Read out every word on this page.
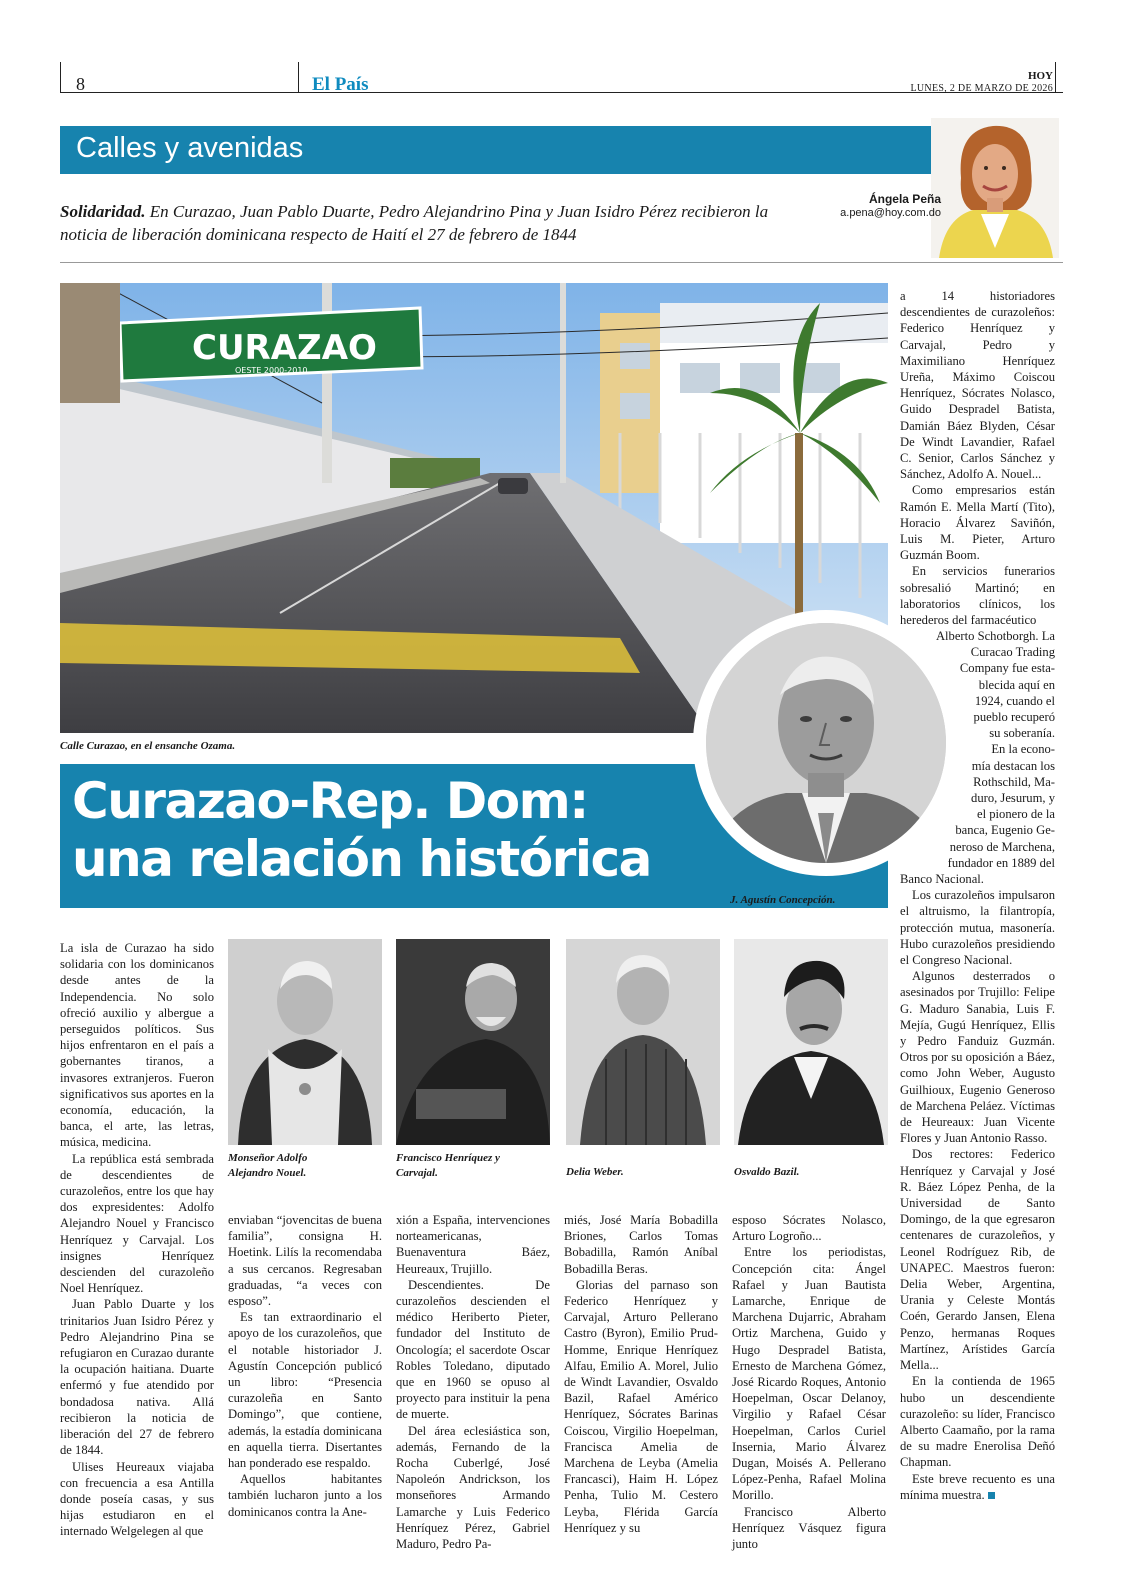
8	El País	HOY
LUNES, 2 DE MARZO DE 2026
Calles y avenidas
Ángela Peña
a.pena@hoy.com.do
Solidaridad. En Curazao, Juan Pablo Duarte, Pedro Alejandrino Pina y Juan Isidro Pérez recibieron la noticia de liberación dominicana respecto de Haití el 27 de febrero de 1844
CURAZAO
OESTE 2000-2010
Calle Curazao, en el ensanche Ozama.
Curazao-Rep. Dom:
una relación histórica
J. Agustín Concepción.
Monseñor Adolfo
Alejandro Nouel.
Francisco Henríquez y
Carvajal.	Delia Weber.	Osvaldo Bazil.

La isla de Curazao ha sido solidaria con los dominicanos desde antes de la Independencia. No solo ofreció auxilio y albergue a perseguidos políticos. Sus hijos enfrentaron en el país a gobernantes tiranos, a invasores extranjeros. Fueron significativos sus aportes en la economía, educación, la banca, el arte, las letras, música, medicina.

La república está sembrada de descendientes de curazoleños, entre los que hay dos expresidentes: Adolfo Alejandro Nouel y Francisco Henríquez y Carvajal. Los insignes Henríquez descienden del curazoleño Noel Henríquez.

Juan Pablo Duarte y los trinitarios Juan Isidro Pérez y Pedro Alejandrino Pina se refugiaron en Curazao durante la ocupación haitiana. Duarte enfermó y fue atendido por bondadosa nativa. Allá recibieron la noticia de liberación del 27 de febrero de 1844.

Ulises Heureaux viajaba con frecuencia a esa Antilla donde poseía casas, y sus hijas estudiaron en el internado Welgelegen al que

enviaban “jovencitas de buena familia”, consigna H. Hoetink. Lilís la recomendaba a sus cercanos. Regresaban graduadas, “a veces con esposo”.

Es tan extraordinario el apoyo de los curazoleños, que el notable historiador J. Agustín Concepción publicó un libro: “Presencia curazoleña en Santo Domingo”, que contiene, además, la estadía dominicana en aquella tierra. Disertantes han ponderado ese respaldo.

Aquellos habitantes también lucharon junto a los dominicanos contra la Ane-

xión a España, intervenciones norteamericanas, Buenaventura Báez, Heureaux, Trujillo.

Descendientes. De curazoleños descienden el médico Heriberto Pieter, fundador del Instituto de Oncología; el sacerdote Oscar Robles Toledano, diputado que en 1960 se opuso al proyecto para instituir la pena de muerte.

Del área eclesiástica son, además, Fernando de la Rocha Cuberlgé, José Napoleón Andrickson, los monseñores Armando Lamarche y Luis Federico Henríquez Pérez, Gabriel Maduro, Pedro Pa-

miés, José María Bobadilla Briones, Carlos Tomas Bobadilla, Ramón Aníbal Bobadilla Beras.

Glorias del parnaso son Federico Henríquez y Carvajal, Arturo Pellerano Castro (Byron), Emilio Prud-Homme, Enrique Henríquez Alfau, Emilio A. Morel, Julio de Windt Lavandier, Osvaldo Bazil, Rafael Américo Henríquez, Sócrates Barinas Coiscou, Virgilio Hoepelman, Francisca Amelia de Marchena de Leyba (Amelia Francasci), Haim H. López Penha, Tulio M. Cestero Leyba, Flérida García Henríquez y su

esposo Sócrates Nolasco, Arturo Logroño...

Entre los periodistas, Concepción cita: Ángel Rafael y Juan Bautista Lamarche, Enrique de Marchena Dujarric, Abraham Ortiz Marchena, Guido y Hugo Despradel Batista, Ernesto de Marchena Gómez, José Ricardo Roques, Antonio Hoepelman, Oscar Delanoy, Virgilio y Rafael César Hoepelman, Carlos Curiel Insernia, Mario Álvarez Dugan, Moisés A. Pellerano López-Penha, Rafael Molina Morillo.

Francisco Alberto Henríquez Vásquez figura junto

a 14 historiadores descendientes de curazoleños: Federico Henríquez y Carvajal, Pedro y Maximiliano Henríquez Ureña, Máximo Coiscou Henríquez, Sócrates Nolasco, Guido Despradel Batista, Damián Báez Blyden, César De Windt Lavandier, Rafael C. Senior, Carlos Sánchez y Sánchez, Adolfo A. Nouel...

Como empresarios están Ramón E. Mella Martí (Tito), Horacio Álvarez Saviñón, Luis M. Pieter, Arturo Guzmán Boom.

En servicios funerarios sobresalió Martinó; en laboratorios clínicos, los herederos del farmacéutico

Alberto Schotborgh. La
Curacao Trading
Company fue esta-
blecida aquí en
1924, cuando el
pueblo recuperó
su soberanía.
En la econo-
mía destacan los
Rothschild, Ma-
duro, Jesurum, y
el pionero de la
banca, Eugenio Ge-
neroso de Marchena,
fundador en 1889 del

Banco Nacional.

Los curazoleños impulsaron el altruismo, la filantropía, protección mutua, masonería. Hubo curazoleños presidiendo el Congreso Nacional.

Algunos desterrados o asesinados por Trujillo: Felipe G. Maduro Sanabia, Luis F. Mejía, Gugú Henríquez, Ellis y Pedro Fanduiz Guzmán. Otros por su oposición a Báez, como John Weber, Augusto Guilhioux, Eugenio Generoso de Marchena Peláez. Víctimas de Heureaux: Juan Vicente Flores y Juan Antonio Rasso.

Dos rectores: Federico Henríquez y Carvajal y José R. Báez López Penha, de la Universidad de Santo Domingo, de la que egresaron centenares de curazoleños, y Leonel Rodríguez Rib, de UNAPEC. Maestros fueron: Delia Weber, Argentina, Urania y Celeste Montás Coén, Gerardo Jansen, Elena Penzo, hermanas Roques Martínez, Arístides García Mella...

En la contienda de 1965 hubo un descendiente curazoleño: su líder, Francisco Alberto Caamaño, por la rama de su madre Enerolisa Deñó Chapman.

Este breve recuento es una mínima muestra.
